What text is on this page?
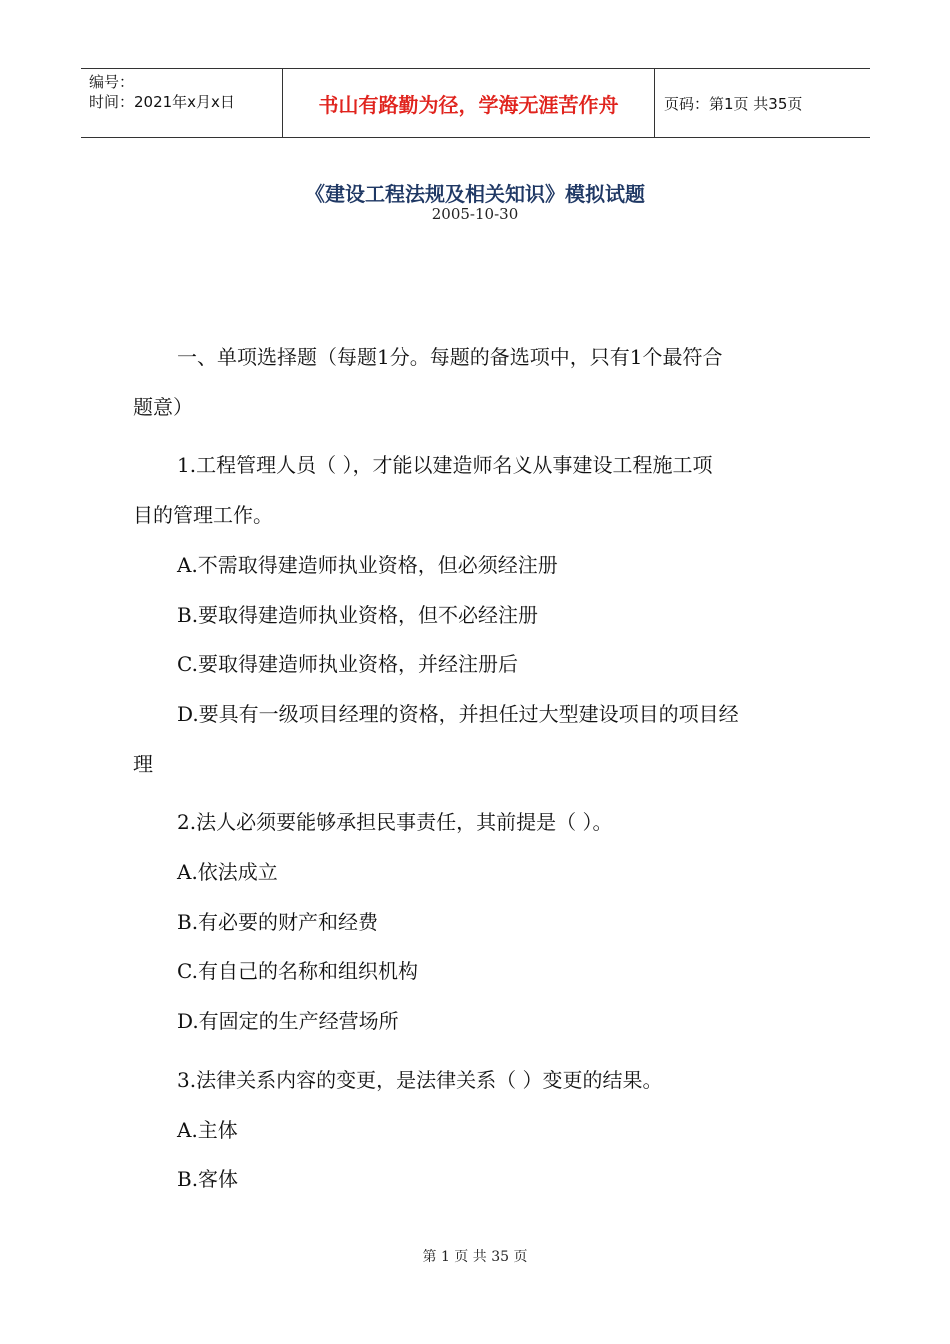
编号：
时间：2021年x月x日	书山有路勤为径，学海无涯苦作舟	页码：第1页 共35页
《建设工程法规及相关知识》模拟试题
2005-10-30

一、单项选择题（每题1分。每题的备选项中，只有1个最符合

题意）

1.工程管理人员（ ），才能以建造师名义从事建设工程施工项

目的管理工作。

A.不需取得建造师执业资格，但必须经注册

B.要取得建造师执业资格，但不必经注册

C.要取得建造师执业资格，并经注册后

D.要具有一级项目经理的资格，并担任过大型建设项目的项目经

理

2.法人必须要能够承担民事责任，其前提是（ ）。

A.依法成立

B.有必要的财产和经费

C.有自己的名称和组织机构

D.有固定的生产经营场所

3.法律关系内容的变更，是法律关系（ ）变更的结果。

A.主体

B.客体

第 1 页 共 35 页
